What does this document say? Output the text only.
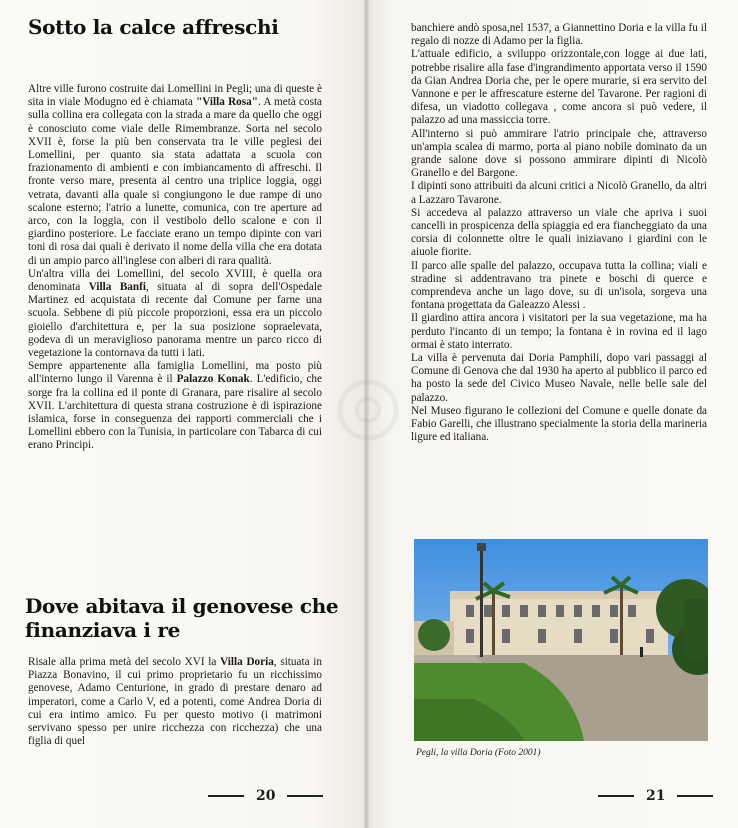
Sotto la calce affreschi

Altre ville furono costruite dai Lomellini in Pegli; una di queste è sita in viale Modugno ed è chiamata "Villa Rosa". A metà costa sulla collina era collegata con la strada a mare da quello che oggi è conosciuto come viale delle Rimembranze. Sorta nel secolo XVII è, forse la più ben conservata tra le ville peglesi dei Lomellini, per quanto sia stata adattata a scuola con frazionamento di ambienti e con imbiancamento di affreschi. Il fronte verso mare, presenta al centro una triplice loggia, oggi vetrata, davanti alla quale si congiungono le due rampe di uno scalone esterno; l'atrio a lunette, comunica, con tre aperture ad arco, con la loggia, con il vestibolo dello scalone e con il giardino posteriore. Le facciate erano un tempo dipinte con vari toni di rosa dai quali è derivato il nome della villa che era dotata di un ampio parco all'inglese con alberi di rara qualità.

Un'altra villa dei Lomellini, del secolo XVIII, è quella ora denominata Villa Banfi, situata al di sopra dell'Ospedale Martinez ed acquistata di recente dal Comune per farne una scuola. Sebbene di più piccole proporzioni, essa era un piccolo gioiello d'architettura e, per la sua posizione sopraelevata, godeva di un meraviglioso panorama mentre un parco ricco di vegetazione la contornava da tutti i lati.

Sempre appartenente alla famiglia Lomellini, ma posto più all'interno lungo il Varenna è il Palazzo Konak. L'edificio, che sorge fra la collina ed il ponte di Granara, pare risalire al secolo XVII. L'architettura di questa strana costruzione è di ispirazione islamica, forse in conseguenza dei rapporti commerciali che i Lomellini ebbero con la Tunisia, in particolare con Tabarca di cui erano Principi.

Dove abitava il genovese che finanziava i re

Risale alla prima metà del secolo XVI la Villa Doria, situata in Piazza Bonavino, il cui primo proprietario fu un ricchissimo genovese, Adamo Centurione, in grado di prestare denaro ad imperatori, come a Carlo V, ed a potenti, come Andrea Doria di cui era intimo amico. Fu per questo motivo (i matrimoni servivano spesso per unire ricchezza con ricchezza) che una figlia di quel

20

banchiere andò sposa,nel 1537, a Giannettino Doria e la villa fu il regalo di nozze di Adamo per la figlia.

L'attuale edificio, a sviluppo orizzontale,con logge ai due lati, potrebbe risalire alla fase d'ingrandimento apportata verso il 1590 da Gian Andrea Doria che, per le opere murarie, si era servito del Vannone e per le affrescature esterne del Tavarone. Per ragioni di difesa, un viadotto collegava , come ancora si può vedere, il palazzo ad una massiccia torre.

All'interno si può ammirare l'atrio principale che, attraverso un'ampia scalea di marmo, porta al piano nobile dominato da un grande salone dove si possono ammirare dipinti di Nicolò Granello e del Bargone.

I dipinti sono attribuiti da alcuni critici a Nicolò Granello, da altri a Lazzaro Tavarone.

Si accedeva al palazzo attraverso un viale che apriva i suoi cancelli in prospicenza della spiaggia ed era fiancheggiato da una corsia di colonnette oltre le quali iniziavano i giardini con le aiuole fiorite.

Il parco alle spalle del palazzo, occupava tutta la collina; viali e stradine si addentravano tra pinete e boschi di querce e comprendeva anche un lago dove, su di un'isola, sorgeva una fontana progettata da Galeazzo Alessi .

Il giardino attira ancora i visitatori per la sua vegetazione, ma ha perduto l'incanto di un tempo; la fontana è in rovina ed il lago ormai è stato interrato.

La villa è pervenuta dai Doria Pamphili, dopo vari passaggi al Comune di Genova che dal 1930 ha aperto al pubblico il parco ed ha posto la sede del Civico Museo Navale, nelle belle sale del palazzo.

Nel Museo figurano le collezioni del Comune e quelle donate da Fabio Garelli, che illustrano specialmente la storia della marineria ligure ed italiana.

Pegli, la villa Doria (Foto 2001)
21
